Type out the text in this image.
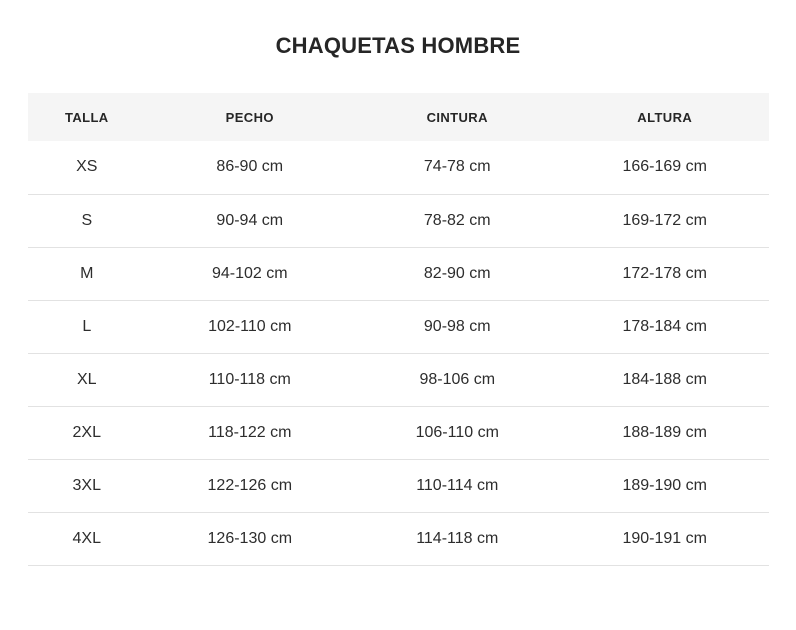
CHAQUETAS HOMBRE
TALLA	PECHO	CINTURA	ALTURA
XS	86-90 cm	74-78 cm	166-169 cm
S	90-94 cm	78-82 cm	169-172 cm
M	94-102 cm	82-90 cm	172-178 cm
L	102-110 cm	90-98 cm	178-184 cm
XL	110-118 cm	98-106 cm	184-188 cm
2XL	118-122 cm	106-110 cm	188-189 cm
3XL	122-126 cm	110-114 cm	189-190 cm
4XL	126-130 cm	114-118 cm	190-191 cm
